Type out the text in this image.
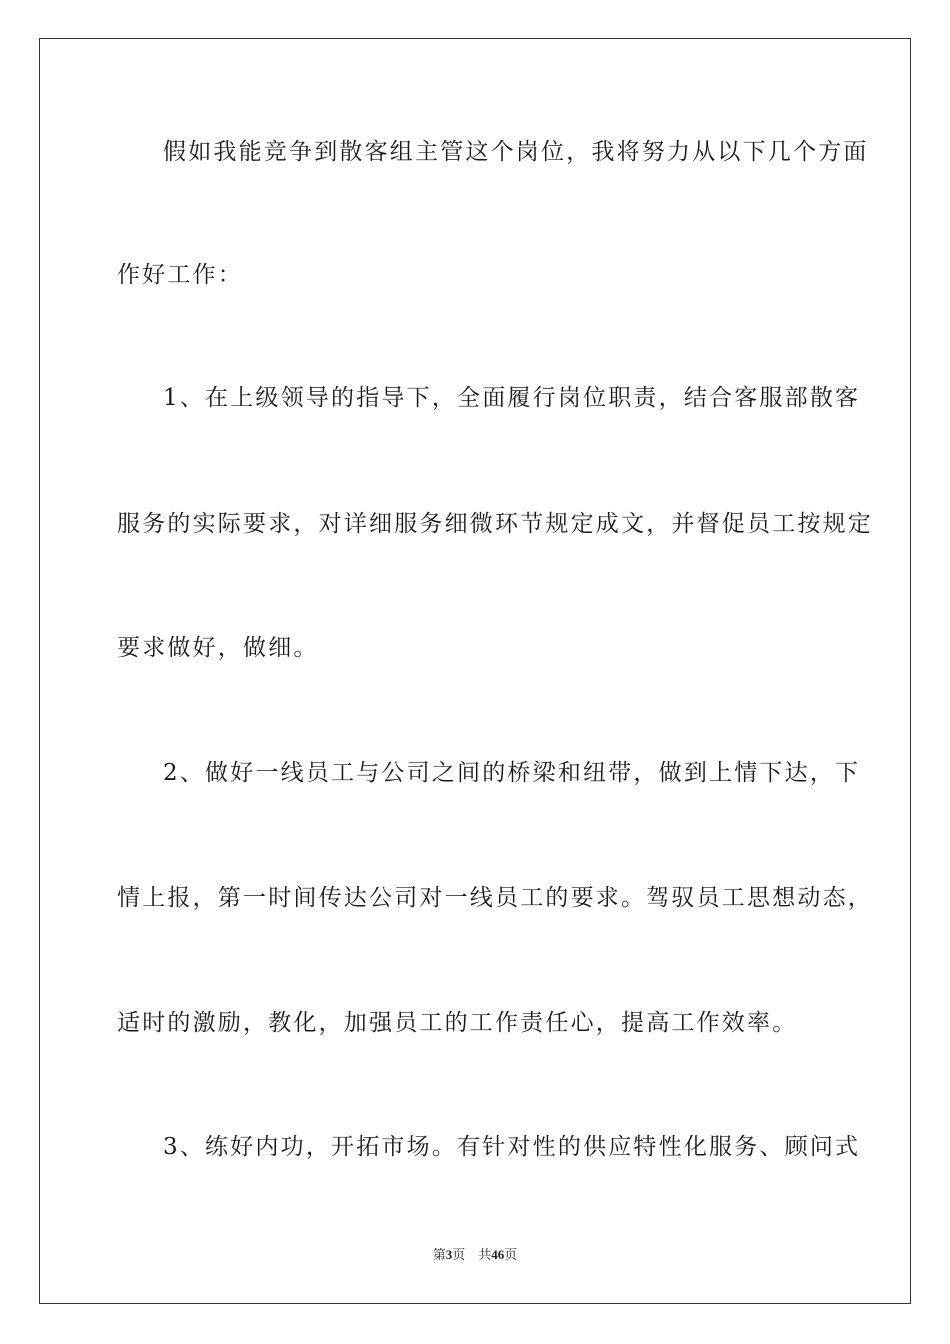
假如我能竞争到散客组主管这个岗位，我将努力从以下几个方面
作好工作：
1、在上级领导的指导下，全面履行岗位职责，结合客服部散客
服务的实际要求，对详细服务细微环节规定成文，并督促员工按规定
要求做好，做细。
2、做好一线员工与公司之间的桥梁和纽带，做到上情下达，下
情上报，第一时间传达公司对一线员工的要求。驾驭员工思想动态，
适时的激励，教化，加强员工的工作责任心，提高工作效率。
3、练好内功，开拓市场。有针对性的供应特性化服务、顾问式
第3页　共46页
